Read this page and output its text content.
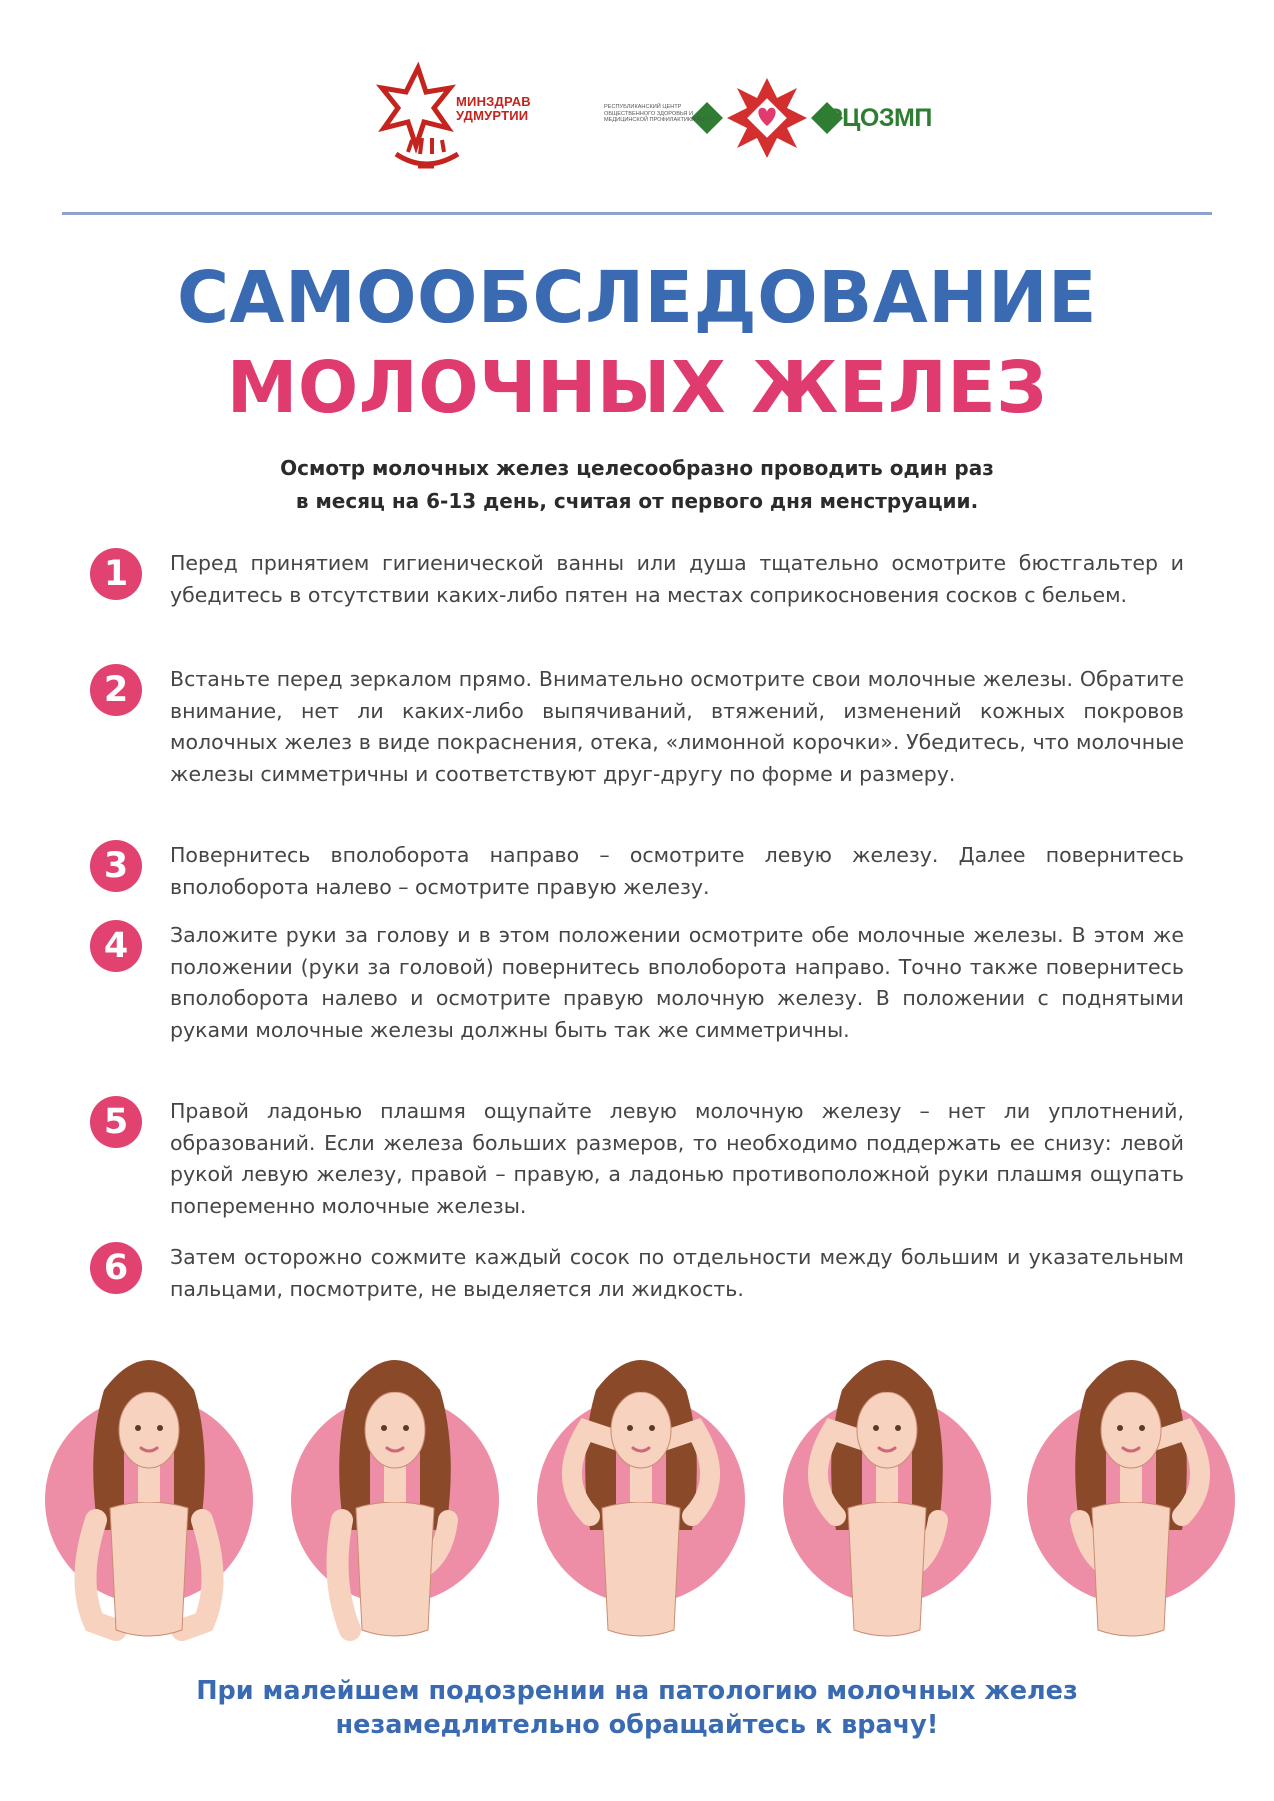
МИНЗДРАВ
УДМУРТИИ
РЕСПУБЛИКАНСКИЙ ЦЕНТР ОБЩЕСТВЕННОГО ЗДОРОВЬЯ И МЕДИЦИНСКОЙ ПРОФИЛАКТИКИ МЗ УР	РЦОЗМП
САМООБСЛЕДОВАНИЕ
МОЛОЧНЫХ ЖЕЛЕЗ
Осмотр молочных желез целесообразно проводить один раз
в месяц на 6-13 день, считая от первого дня менструации.
1	Перед принятием гигиенической ванны или душа тщательно осмотрите бюстгальтер и убедитесь в отсутствии каких-либо пятен на местах соприкосновения сосков с бельем.
2	Встаньте перед зеркалом прямо. Внимательно осмотрите свои молочные железы. Обратите внимание, нет ли каких-либо выпячиваний, втяжений, изменений кожных покровов молочных желез в виде покраснения, отека, «лимонной корочки». Убедитесь, что молочные железы симметричны и соответствуют друг-другу по форме и размеру.
3	Повернитесь вполоборота направо – осмотрите левую железу. Далее повернитесь вполоборота налево – осмотрите правую железу.
4	Заложите руки за голову и в этом положении осмотрите обе молочные железы. В этом же положении (руки за головой) повернитесь вполоборота направо. Точно также повернитесь вполоборота налево и осмотрите правую молочную железу. В положении с поднятыми руками молочные железы должны быть так же симметричны.
5	Правой ладонью плашмя ощупайте левую молочную железу – нет ли уплотнений, образований. Если железа больших размеров, то необходимо поддержать ее снизу: левой рукой левую железу, правой – правую, а ладонью противоположной руки плашмя ощупать попеременно молочные железы.
6	Затем осторожно сожмите каждый сосок по отдельности между большим и указательным пальцами, посмотрите, не выделяется ли жидкость.
При малейшем подозрении на патологию молочных желез
незамедлительно обращайтесь к врачу!
